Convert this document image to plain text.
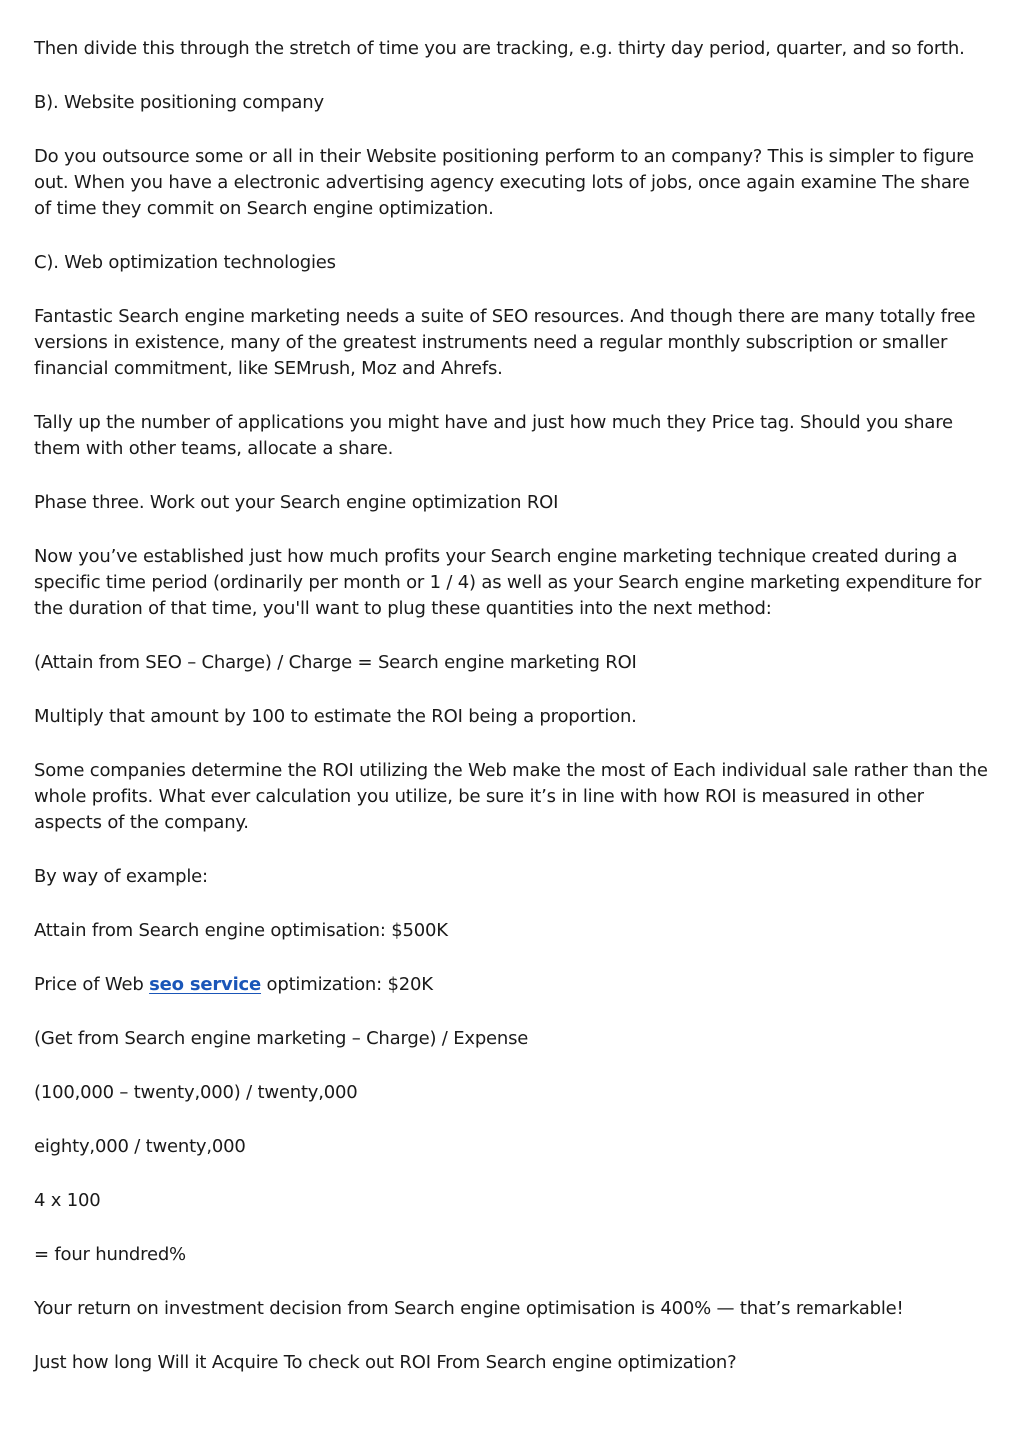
Then divide this through the stretch of time you are tracking, e.g. thirty day period, quarter, and so forth.

B). Website positioning company

Do you outsource some or all in their Website positioning perform to an company? This is simpler to figure out. When you have a electronic advertising agency executing lots of jobs, once again examine The share of time they commit on Search engine optimization.

C). Web optimization technologies

Fantastic Search engine marketing needs a suite of SEO resources. And though there are many totally free versions in existence, many of the greatest instruments need a regular monthly subscription or smaller financial commitment, like SEMrush, Moz and Ahrefs.

Tally up the number of applications you might have and just how much they Price tag. Should you share them with other teams, allocate a share.

Phase three. Work out your Search engine optimization ROI

Now you’ve established just how much profits your Search engine marketing technique created during a specific time period (ordinarily per month or 1 / 4) as well as your Search engine marketing expenditure for the duration of that time, you'll want to plug these quantities into the next method:

(Attain from SEO – Charge) / Charge = Search engine marketing ROI

Multiply that amount by 100 to estimate the ROI being a proportion.

Some companies determine the ROI utilizing the Web make the most of Each individual sale rather than the whole profits. What ever calculation you utilize, be sure it’s in line with how ROI is measured in other aspects of the company.

By way of example:

Attain from Search engine optimisation: $500K

Price of Web seo service optimization: $20K

(Get from Search engine marketing – Charge) / Expense

(100,000 – twenty,000) / twenty,000

eighty,000 / twenty,000

4 x 100

= four hundred%

Your return on investment decision from Search engine optimisation is 400% — that’s remarkable!

Just how long Will it Acquire To check out ROI From Search engine optimization?
